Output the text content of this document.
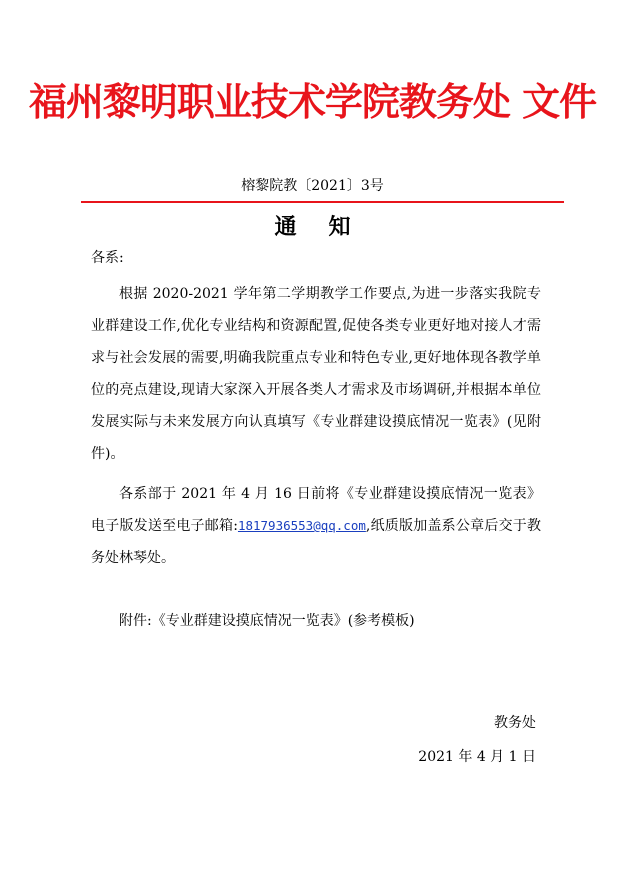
福州黎明职业技术学院教务处 文件
榕黎院教〔2021〕3号
通知
各系:
根据 2020-2021 学年第二学期教学工作要点,为进一步落实我院专业群建设工作,优化专业结构和资源配置,促使各类专业更好地对接人才需求与社会发展的需要,明确我院重点专业和特色专业,更好地体现各教学单位的亮点建设,现请大家深入开展各类人才需求及市场调研,并根据本单位发展实际与未来发展方向认真填写《专业群建设摸底情况一览表》(见附件)。
各系部于 2021 年 4 月 16 日前将《专业群建设摸底情况一览表》电子版发送至电子邮箱:1817936553@qq.com,纸质版加盖系公章后交于教务处林琴处。
附件:《专业群建设摸底情况一览表》(参考模板)
教务处
2021 年 4 月 1 日
